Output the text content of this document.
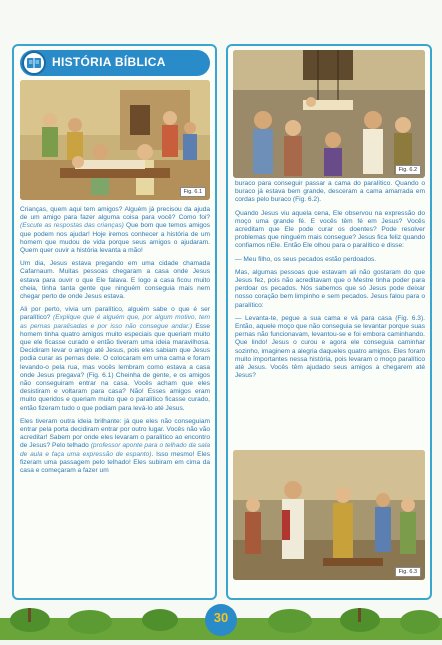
HISTÓRIA BÍBLICA
Fig. 6.1

Crianças, quem aqui tem amigos? Alguém já precisou da ajuda de um amigo para fazer alguma coisa para você? Como foi? (Escute as respostas das crianças) Que bom que temos amigos que podem nos ajudar! Hoje iremos conhecer a história de um homem que mudou de vida porque seus amigos o ajudaram. Quem quer ouvir a história levanta a mão!

Um dia, Jesus estava pregando em uma cidade chamada Cafarnaum. Muitas pessoas chegaram a casa onde Jesus estava para ouvir o que Ele falava. E logo a casa ficou muito cheia, tinha tanta gente que ninguém conseguia mais nem chegar perto de onde Jesus estava.

Ali por perto, vivia um paralítico, alguém sabe o que é ser paralítico? (Explique que é alguém que, por algum motivo, tem as pernas paralisadas e por isso não consegue andar.) Esse homem tinha quatro amigos muito especiais que queriam muito que ele ficasse curado e então tiveram uma ideia maravilhosa. Decidiram levar o amigo até Jesus, pois eles sabiam que Jesus podia curar as pernas dele. O colocaram em uma cama e foram levando-o pela rua, mas vocês lembram como estava a casa onde Jesus pregava? (Fig. 6.1) Cheinha de gente, e os amigos não conseguiram entrar na casa. Vocês acham que eles desistiram e voltaram para casa? Não! Esses amigos eram muito queridos e queriam muito que o paralítico ficasse curado, então fizeram tudo o que podiam para levá-lo até Jesus.

Eles tiveram outra ideia brilhante: já que eles não conseguiam entrar pela porta decidiram entrar por outro lugar. Vocês não vão acreditar! Sabem por onde eles levaram o paralítico ao encontro de Jesus? Pelo telhado (professor aponte para o telhado da sala de aula e faça uma expressão de espanto). Isso mesmo! Eles fizeram uma passagem pelo telhado! Eles subiram em cima da casa e começaram a fazer um

Fig. 6.2

buraco para conseguir passar a cama do paralítico. Quando o buraco já estava bem grande, desceram a cama amarrada em cordas pelo buraco (Fig. 6.2).

Quando Jesus viu aquela cena, Ele observou na expressão do moço uma grande fé. E vocês têm fé em Jesus? Vocês acreditam que Ele pode curar os doentes? Pode resolver problemas que ninguém mais consegue? Jesus fica feliz quando confiamos nEle. Então Ele olhou para o paralítico e disse:

— Meu filho, os seus pecados estão perdoados.

Mas, algumas pessoas que estavam ali não gostaram do que Jesus fez, pois não acreditavam que o Mestre tinha poder para perdoar os pecados. Nós sabemos que só Jesus pode deixar nosso coração bem limpinho e sem pecados. Jesus falou para o paralítico:

— Levanta-te, pegue a sua cama e vá para casa (Fig. 6.3). Então, aquele moço que não conseguia se levantar porque suas pernas não funcionavam, levantou-se e foi embora caminhando. Que lindo! Jesus o curou e agora ele conseguia caminhar sozinho, imaginem a alegria daqueles quatro amigos. Eles foram muito importantes nessa história, pois levaram o moço paralítico até Jesus. Vocês têm ajudado seus amigos a chegarem até Jesus?

Fig. 6.3
30
